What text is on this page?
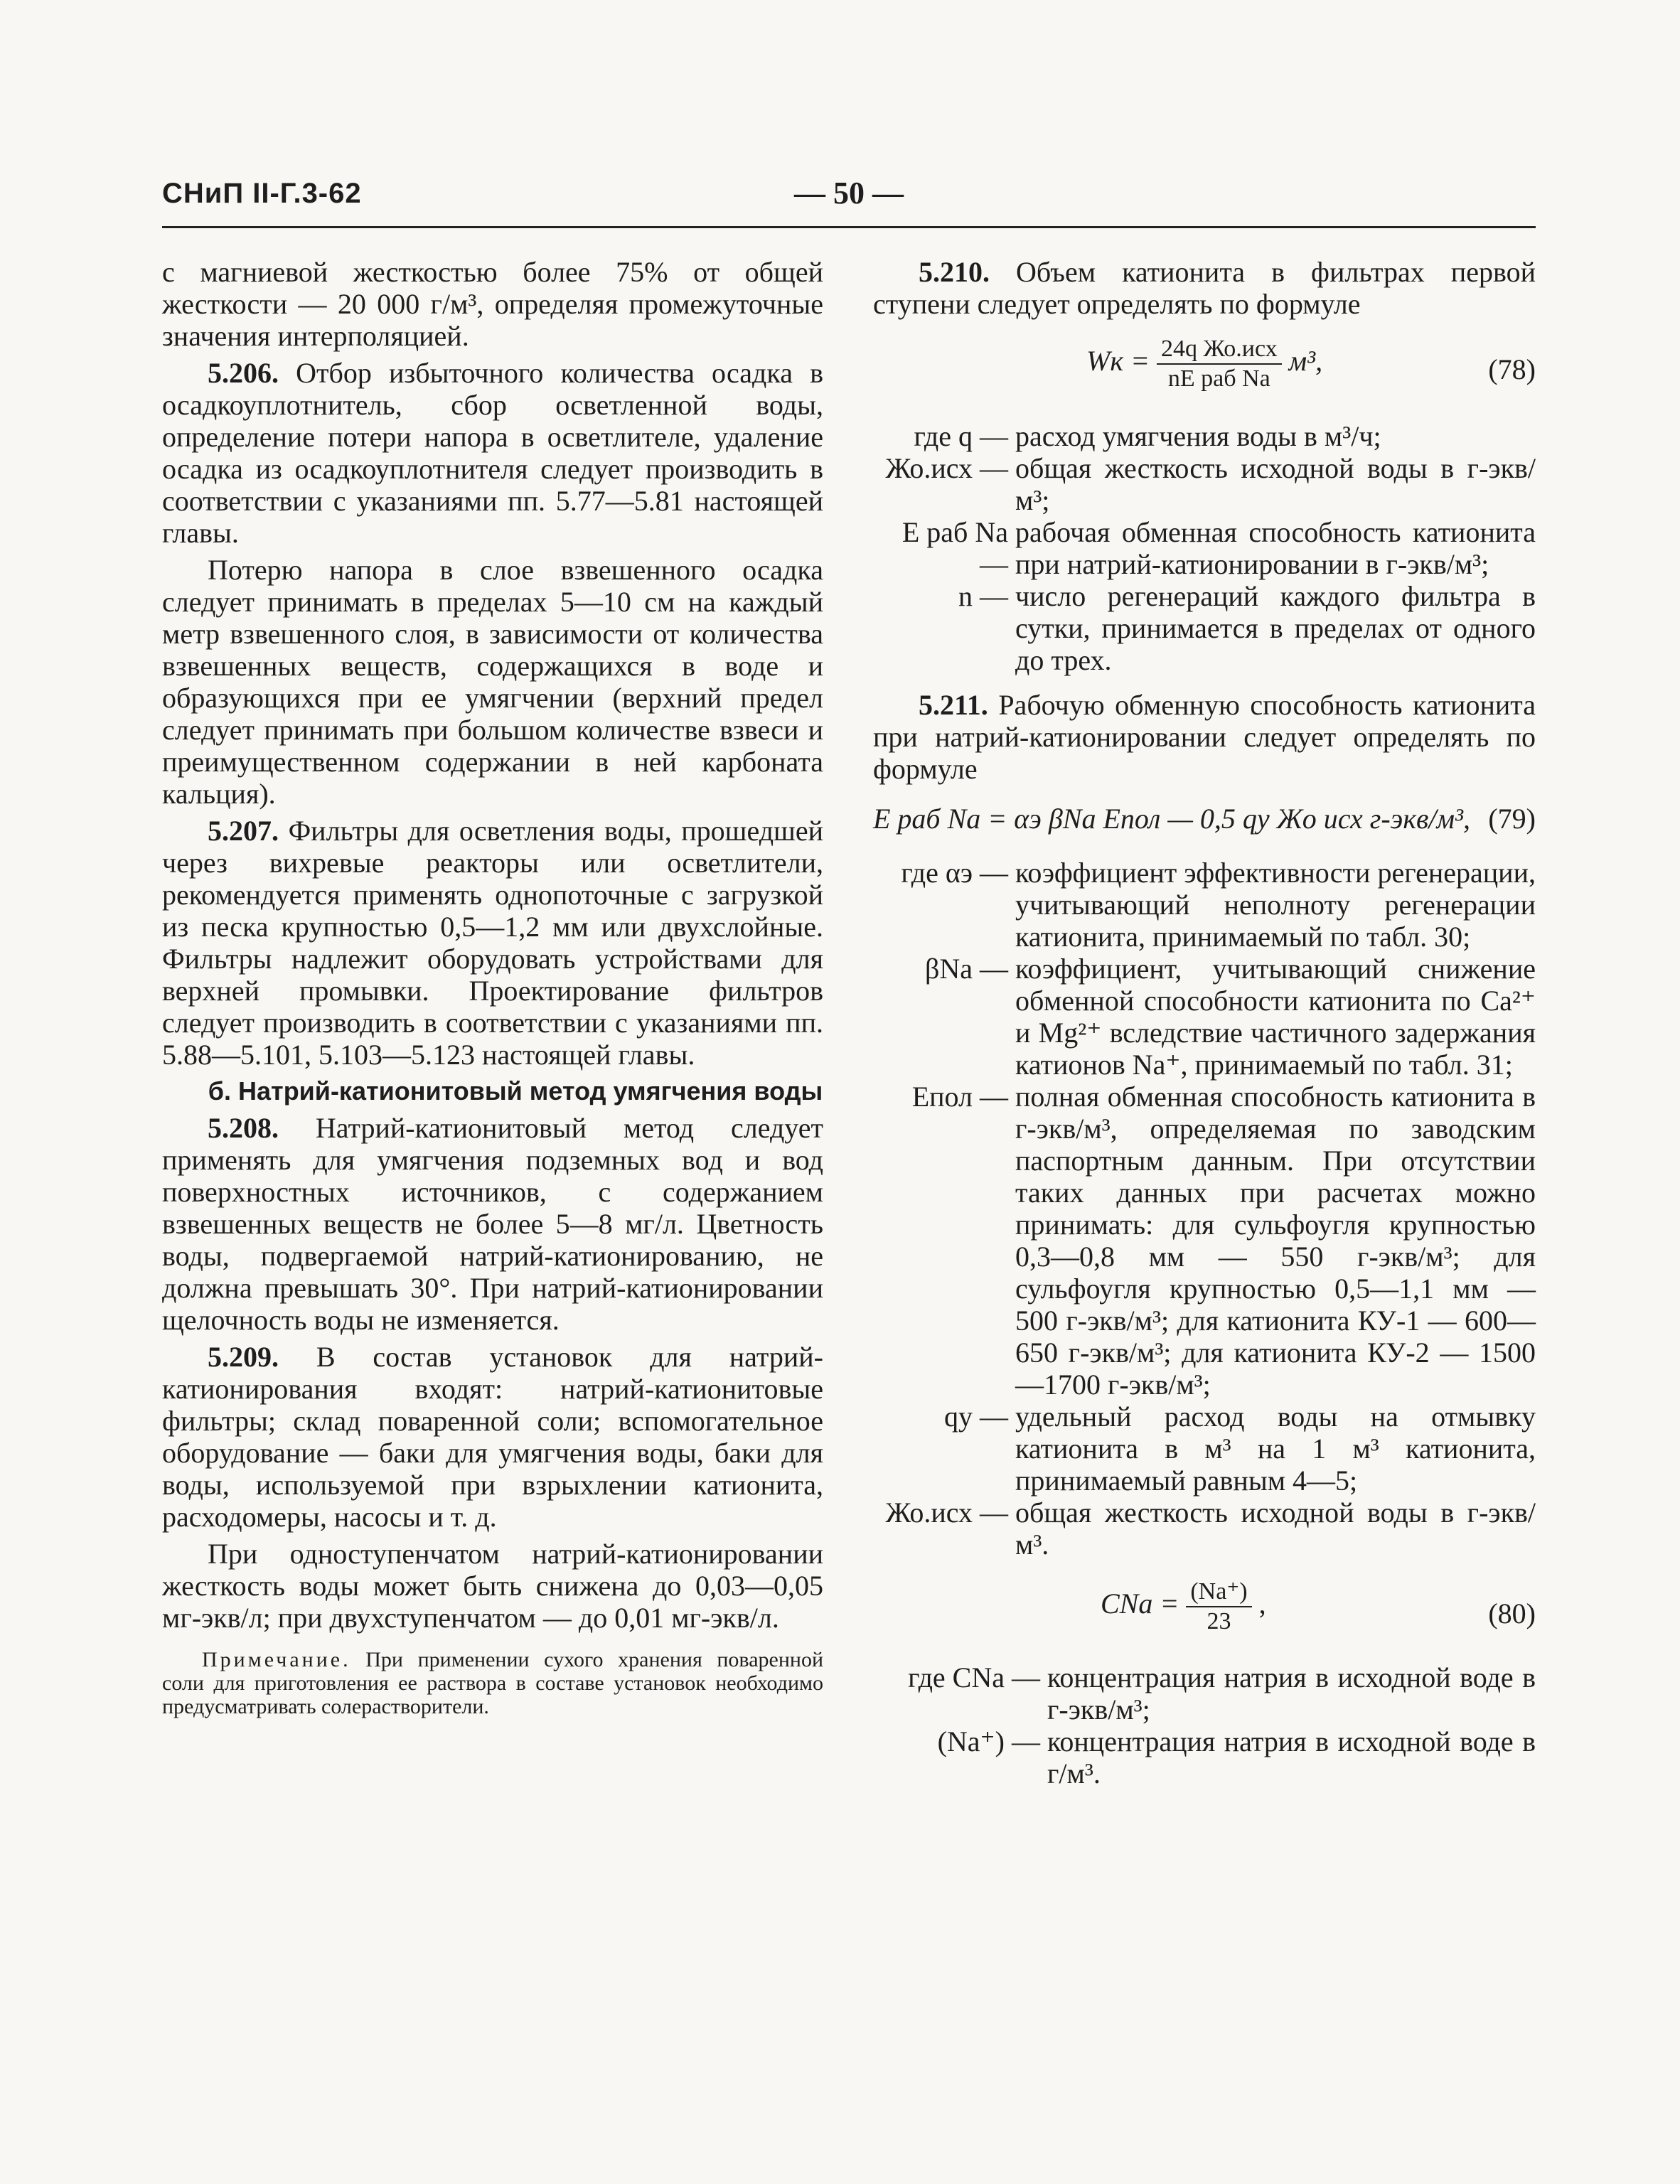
СНиП II-Г.3-62	— 50 —

с магниевой жесткостью более 75% от общей жесткости — 20 000 г/м³, определяя промежуточные значения интерполяцией.

5.206. Отбор избыточного количества осадка в осадкоуплотнитель, сбор осветленной воды, определение потери напора в осветлителе, удаление осадка из осадкоуплотнителя следует производить в соответствии с указаниями пп. 5.77—5.81 настоящей главы.

Потерю напора в слое взвешенного осадка следует принимать в пределах 5—10 см на каждый метр взвешенного слоя, в зависимости от количества взвешенных веществ, содержащихся в воде и образующихся при ее умягчении (верхний предел следует принимать при большом количестве взвеси и преимущественном содержании в ней карбоната кальция).

5.207. Фильтры для осветления воды, прошедшей через вихревые реакторы или осветлители, рекомендуется применять однопоточные с загрузкой из песка крупностью 0,5—1,2 мм или двухслойные. Фильтры надлежит оборудовать устройствами для верхней промывки. Проектирование фильтров следует производить в соответствии с указаниями пп. 5.88—5.101, 5.103—5.123 настоящей главы.

б. Натрий-катионитовый метод умягчения воды

5.208. Натрий-катионитовый метод следует применять для умягчения подземных вод и вод поверхностных источников, с содержанием взвешенных веществ не более 5—8 мг/л. Цветность воды, подвергаемой натрий-катионированию, не должна превышать 30°. При натрий-катионировании щелочность воды не изменяется.

5.209. В состав установок для натрий-катионирования входят: натрий-катионитовые фильтры; склад поваренной соли; вспомогательное оборудование — баки для умягчения воды, баки для воды, используемой при взрыхлении катионита, расходомеры, насосы и т. д.

При одноступенчатом натрий-катионировании жесткость воды может быть снижена до 0,03—0,05 мг-экв/л; при двухступенчатом — до 0,01 мг-экв/л.

Примечание. При применении сухого хранения поваренной соли для приготовления ее раствора в составе установок необходимо предусматривать солерастворители.

5.210. Объем катионита в фильтрах первой ступени следует определять по формуле

Wк = $\frac{\text{24q Жо.исх}}{\text{nE раб Na}} м^3$,	(78)
где q — расход умягчения воды в м³/ч;
Жо.исх — общая жесткость исходной воды в г-экв/м³;
E раб Na —
рабочая обменная способность катионита при натрий-катионировании в г-экв/м³;
n — число регенераций каждого фильтра в сутки, принимается в пределах от одного до трех.

5.211. Рабочую обменную способность катионита при натрий-катионировании следует определять по формуле

E раб Na = αэ βNa Eпол — 0,5 qу Жо исх г-экв/м³, (79)
где αэ — коэффициент эффективности регенерации, учитывающий неполноту регенерации катионита, принимаемый по табл. 30;
βNa — коэффициент, учитывающий снижение обменной способности катионита по Ca²⁺ и Mg²⁺ вследствие частичного задержания катионов Na⁺, принимаемый по табл. 31;
Eпол — полная обменная способность катионита в г-экв/м³, определяемая по заводским паспортным данным. При отсутствии таких данных при расчетах можно принимать: для сульфоугля крупностью 0,3—0,8 мм — 550 г-экв/м³; для сульфоугля крупностью 0,5—1,1 мм — 500 г-экв/м³; для катионита КУ-1 — 600—650 г-экв/м³; для катионита КУ-2 — 1500—1700 г-экв/м³;
qу — удельный расход воды на отмывку катионита в м³ на 1 м³ катионита, принимаемый равным 4—5;
Жо.исх — общая жесткость исходной воды в г-экв/м³.
CNa = $\frac{(Na^+)}{23}$ ,	(80)
где CNa — концентрация натрия в исходной воде в г-экв/м³;
(Na⁺) — концентрация натрия в исходной воде в г/м³.
